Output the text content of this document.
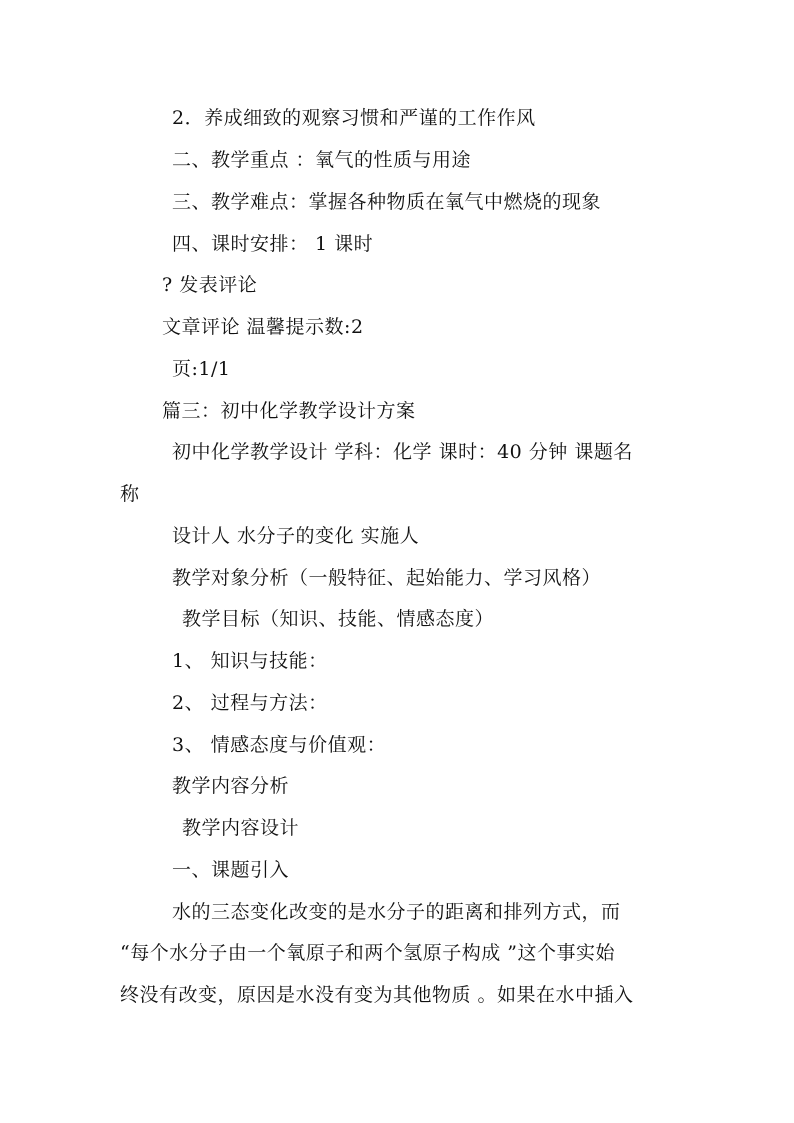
2．养成细致的观察习惯和严谨的工作作风
二、教学重点 ：氧气的性质与用途
三、教学难点：掌握各种物质在氧气中燃烧的现象
四、课时安排： 1 课时
? 发表评论
文章评论 温馨提示数:2
页:1/1
篇三：初中化学教学设计方案
初中化学教学设计 学科：化学 课时：40 分钟 课题名
称
设计人 水分子的变化 实施人
教学对象分析（一般特征、起始能力、学习风格）
教学目标（知识、技能、情感态度）
1、 知识与技能：
2、 过程与方法：
3、 情感态度与价值观：
教学内容分析
教学内容设计
一、课题引入
水的三态变化改变的是水分子的距离和排列方式，而
“每个水分子由一个氧原子和两个氢原子构成 ”这个事实始
终没有改变，原因是水没有变为其他物质 。如果在水中插入
